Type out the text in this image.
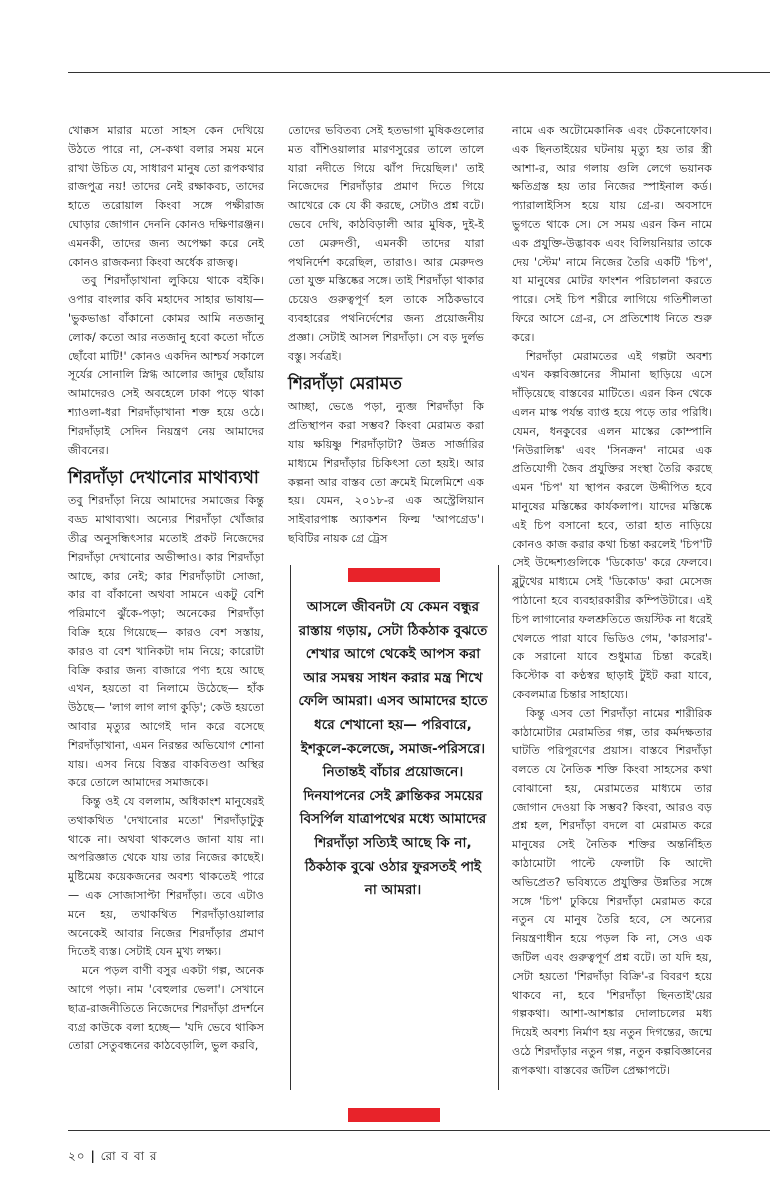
খোক্কস মারার মতো সাহস কেন দেখিয়ে উঠতে পারে না, সে-কথা বলার সময় মনে রাখা উচিত যে, সাধারণ মানুষ তো রূপকথার রাজপুত্র নয়! তাদের নেই রক্ষাকবচ, তাদের হাতে তরোয়াল কিংবা সঙ্গে পক্ষীরাজ ঘোড়ার জোগান দেননি কোনও দক্ষিণারঞ্জন। এমনকী, তাদের জন্য অপেক্ষা করে নেই কোনও রাজকন্যা কিংবা অর্ধেক রাজত্ব।

তবু শিরদাঁড়াখানা লুকিয়ে থাকে বইকি। ওপার বাংলার কবি মহাদেব সাহার ভাষায়— 'ভুকভাঙা বাঁকানো কোমর আমি নতজানু লোক/ কতো আর নতজানু হবো কতো দাঁতে ছোঁবো মাটি!' কোনও একদিন আশ্চর্য সকালে সূর্যের সোনালি স্নিগ্ধ আলোর জাদুর ছোঁয়ায় আমাদেরও সেই অবহেলে ঢাকা পড়ে থাকা শ্যাওলা-ধরা শিরদাঁড়াখানা শক্ত হয়ে ওঠে। শিরদাঁড়াই সেদিন নিয়ন্ত্রণ নেয় আমাদের জীবনের।

শিরদাঁড়া দেখানোর মাথাব্যথা

তবু শিরদাঁড়া নিয়ে আমাদের সমাজের কিন্তু বড্ড মাথাব্যথা। অন্যের শিরদাঁড়া খোঁজার তীব্র অনুসন্ধিৎসার মতোই প্রকট নিজেদের শিরদাঁড়া দেখানোর অভীপ্সাও। কার শিরদাঁড়া আছে, কার নেই; কার শিরদাঁড়াটা সোজা, কার বা বাঁকানো অথবা সামনে একটু বেশি পরিমাণে ঝুঁকে-পড়া; অনেকের শিরদাঁড়া বিক্রি হয়ে গিয়েছে— কারও বেশ সস্তায়, কারও বা বেশ খানিকটা দাম নিয়ে; কারোটা বিক্রি করার জন্য বাজারে পণ্য হয়ে আছে এখন, হয়তো বা নিলামে উঠেছে— হাঁক উঠছে— 'লাগ লাগ লাগ কুড়ি'; কেউ হয়তো আবার মৃত্যুর আগেই দান করে বসেছে শিরদাঁড়াখানা, এমন নিরন্তর অভিযোগ শোনা যায়। এসব নিয়ে বিস্তর বাকবিতণ্ডা অস্থির করে তোলে আমাদের সমাজকে।

কিন্তু ওই যে বললাম, অধিকাংশ মানুষেরই তথাকথিত 'দেখানোর মতো' শিরদাঁড়াটুকু থাকে না। অথবা থাকলেও জানা যায় না। অপরিজ্ঞাত থেকে যায় তার নিজের কাছেই। মুষ্টিমেয় কয়েকজনের অবশ্য থাকতেই পারে— এক সোজাসাপ্টা শিরদাঁড়া। তবে এটাও মনে হয়, তথাকথিত শিরদাঁড়াওয়ালার অনেকেই আবার নিজের শিরদাঁড়ার প্রমাণ দিতেই ব্যস্ত। সেটাই যেন মুখ্য লক্ষ্য।

মনে পড়ল বাণী বসুর একটা গল্প, অনেক আগে পড়া। নাম 'বেহুলার ভেলা'। সেখানে ছাত্র-রাজনীতিতে নিজেদের শিরদাঁড়া প্রদর্শনে ব্যগ্র কাউকে বলা হচ্ছে— 'যদি ভেবে থাকিস তোরা সেতুবন্ধনের কাঠবেড়ালি, ভুল করবি,

তোদের ভবিতব্য সেই হতভাগা মুষিকগুলোর মত বাঁশিওয়ালার মারণসুরের তালে তালে যারা নদীতে গিয়ে ঝাঁপ দিয়েছিল।' তাই নিজেদের শিরদাঁড়ার প্রমাণ দিতে গিয়ে আখেরে কে যে কী করছে, সেটাও প্রশ্ন বটে। ভেবে দেখি, কাঠবিড়ালী আর মুষিক, দুই-ই তো মেরুদণ্ডী, এমনকী তাদের যারা পথনির্দেশ করেছিল, তারাও। আর মেরুদণ্ড তো যুক্ত মস্তিষ্কের সঙ্গে। তাই শিরদাঁড়া থাকার চেয়েও গুরুত্বপূর্ণ হল তাকে সঠিকভাবে ব্যবহারের পথনির্দেশের জন্য প্রয়োজনীয় প্রজ্ঞা। সেটাই আসল শিরদাঁড়া। সে বড় দুর্লভ বস্তু। সর্বত্রই।

শিরদাঁড়া মেরামত

আচ্ছা, ভেঙে পড়া, ন্যুব্জ শিরদাঁড়া কি প্রতিস্থাপন করা সম্ভব? কিংবা মেরামত করা যায় ক্ষয়িষ্ণু শিরদাঁড়াটা? উন্নত সার্জারির মাধ্যমে শিরদাঁড়ার চিকিৎসা তো হয়ই। আর কল্পনা আর বাস্তব তো ক্রমেই মিলেমিশে এক হয়। যেমন, ২০১৮-র এক অস্ট্রেলিয়ান সাইবারপাঙ্ক অ্যাকশন ফিল্ম 'আপগ্রেড'। ছবিটির নায়ক গ্রে ট্রেস

আসলে জীবনটা যে কেমন বন্ধুর রাস্তায় গড়ায়, সেটা ঠিকঠাক বুঝতে শেখার আগে থেকেই আপস করা আর সমন্বয় সাধন করার মন্ত্র শিখে ফেলি আমরা। এসব আমাদের হাতে ধরে শেখানো হয়— পরিবারে, ইশকুলে-কলেজে, সমাজ-পরিসরে। নিতান্তই বাঁচার প্রয়োজনে। দিনযাপনের সেই ক্লান্তিকর সময়ের বিসর্পিল যাত্রাপথের মধ্যে আমাদের শিরদাঁড়া সত্যিই আছে কি না, ঠিকঠাক বুঝে ওঠার ফুরসতই পাই না আমরা।

নামে এক অটোমেকানিক এবং টেকনোফোব। এক ছিনতাইয়ের ঘটনায় মৃত্যু হয় তার স্ত্রী আশা-র, আর গলায় গুলি লেগে ভয়ানক ক্ষতিগ্রস্ত হয় তার নিজের স্পাইনাল কর্ড। প্যারালাইসিস হয়ে যায় গ্রে-র। অবসাদে ভুগতে থাকে সে। সে সময় এরন কিন নামে এক প্রযুক্তি-উদ্ভাবক এবং বিলিয়নিয়ার তাকে দেয় 'স্টেম' নামে নিজের তৈরি একটি 'চিপ', যা মানুষের মোটর ফাংশন পরিচালনা করতে পারে। সেই চিপ শরীরে লাগিয়ে গতিশীলতা ফিরে আসে গ্রে-র, সে প্রতিশোধ নিতে শুরু করে।

শিরদাঁড়া মেরামতের এই গল্পটা অবশ্য এখন কল্পবিজ্ঞানের সীমানা ছাড়িয়ে এসে দাঁড়িয়েছে বাস্তবের মাটিতে। এরন কিন থেকে এলন মাস্ক পর্যন্ত ব্যাপ্ত হয়ে পড়ে তার পরিধি। যেমন, ধনকুবের এলন মাস্কের কোম্পানি 'নিউরালিঙ্ক' এবং 'সিনক্রন' নামের এক প্রতিযোগী জৈব প্রযুক্তির সংস্থা তৈরি করছে এমন 'চিপ' যা স্থাপন করলে উদ্দীপিত হবে মানুষের মস্তিষ্কের কার্যকলাপ। যাদের মস্তিষ্কে এই চিপ বসানো হবে, তারা হাত নাড়িয়ে কোনও কাজ করার কথা চিন্তা করলেই 'চিপ'টি সেই উদ্দেশ্যগুলিকে 'ডিকোড' করে ফেলবে। ব্লুটুথের মাধ্যমে সেই 'ডিকোড' করা মেসেজ পাঠানো হবে ব্যবহারকারীর কম্পিউটারে। এই চিপ লাগানোর ফলশ্রুতিতে জয়স্টিক না ধরেই খেলতে পারা যাবে ভিডিও গেম, 'কারসার'-কে সরানো যাবে শুধুমাত্র চিন্তা করেই। কিস্টোক বা কণ্ঠস্বর ছাড়াই টুইট করা যাবে, কেবলমাত্র চিন্তার সাহায্যে।

কিন্তু এসব তো শিরদাঁড়া নামের শারীরিক কাঠামোটার মেরামতির গল্প, তার কর্মদক্ষতার ঘাটতি পরিপূরণের প্রয়াস। বাস্তবে শিরদাঁড়া বলতে যে নৈতিক শক্তি কিংবা সাহসের কথা বোঝানো হয়, মেরামতের মাধ্যমে তার জোগান দেওয়া কি সম্ভব? কিংবা, আরও বড় প্রশ্ন হল, শিরদাঁড়া বদলে বা মেরামত করে মানুষের সেই নৈতিক শক্তির অন্তর্নিহিত কাঠামোটা পাল্টে ফেলাটা কি আদৌ অভিপ্রেত? ভবিষ্যতে প্রযুক্তির উন্নতির সঙ্গে সঙ্গে 'চিপ' ঢুকিয়ে শিরদাঁড়া মেরামত করে নতুন যে মানুষ তৈরি হবে, সে অন্যের নিয়ন্ত্রণাধীন হয়ে পড়ল কি না, সেও এক জটিল এবং গুরুত্বপূর্ণ প্রশ্ন বটে। তা যদি হয়, সেটা হয়তো 'শিরদাঁড়া বিক্রি'-র বিবরণ হয়ে থাকবে না, হবে 'শিরদাঁড়া ছিনতাই'য়ের গল্পকথা। আশা-আশঙ্কার দোলাচলের মধ্য দিয়েই অবশ্য নির্মাণ হয় নতুন দিগন্তের, জন্মে ওঠে শিরদাঁড়ার নতুন গল্প, নতুন কল্পবিজ্ঞানের রূপকথা। বাস্তবের জটিল প্রেক্ষাপটে।

২০ | রো ব বা র
